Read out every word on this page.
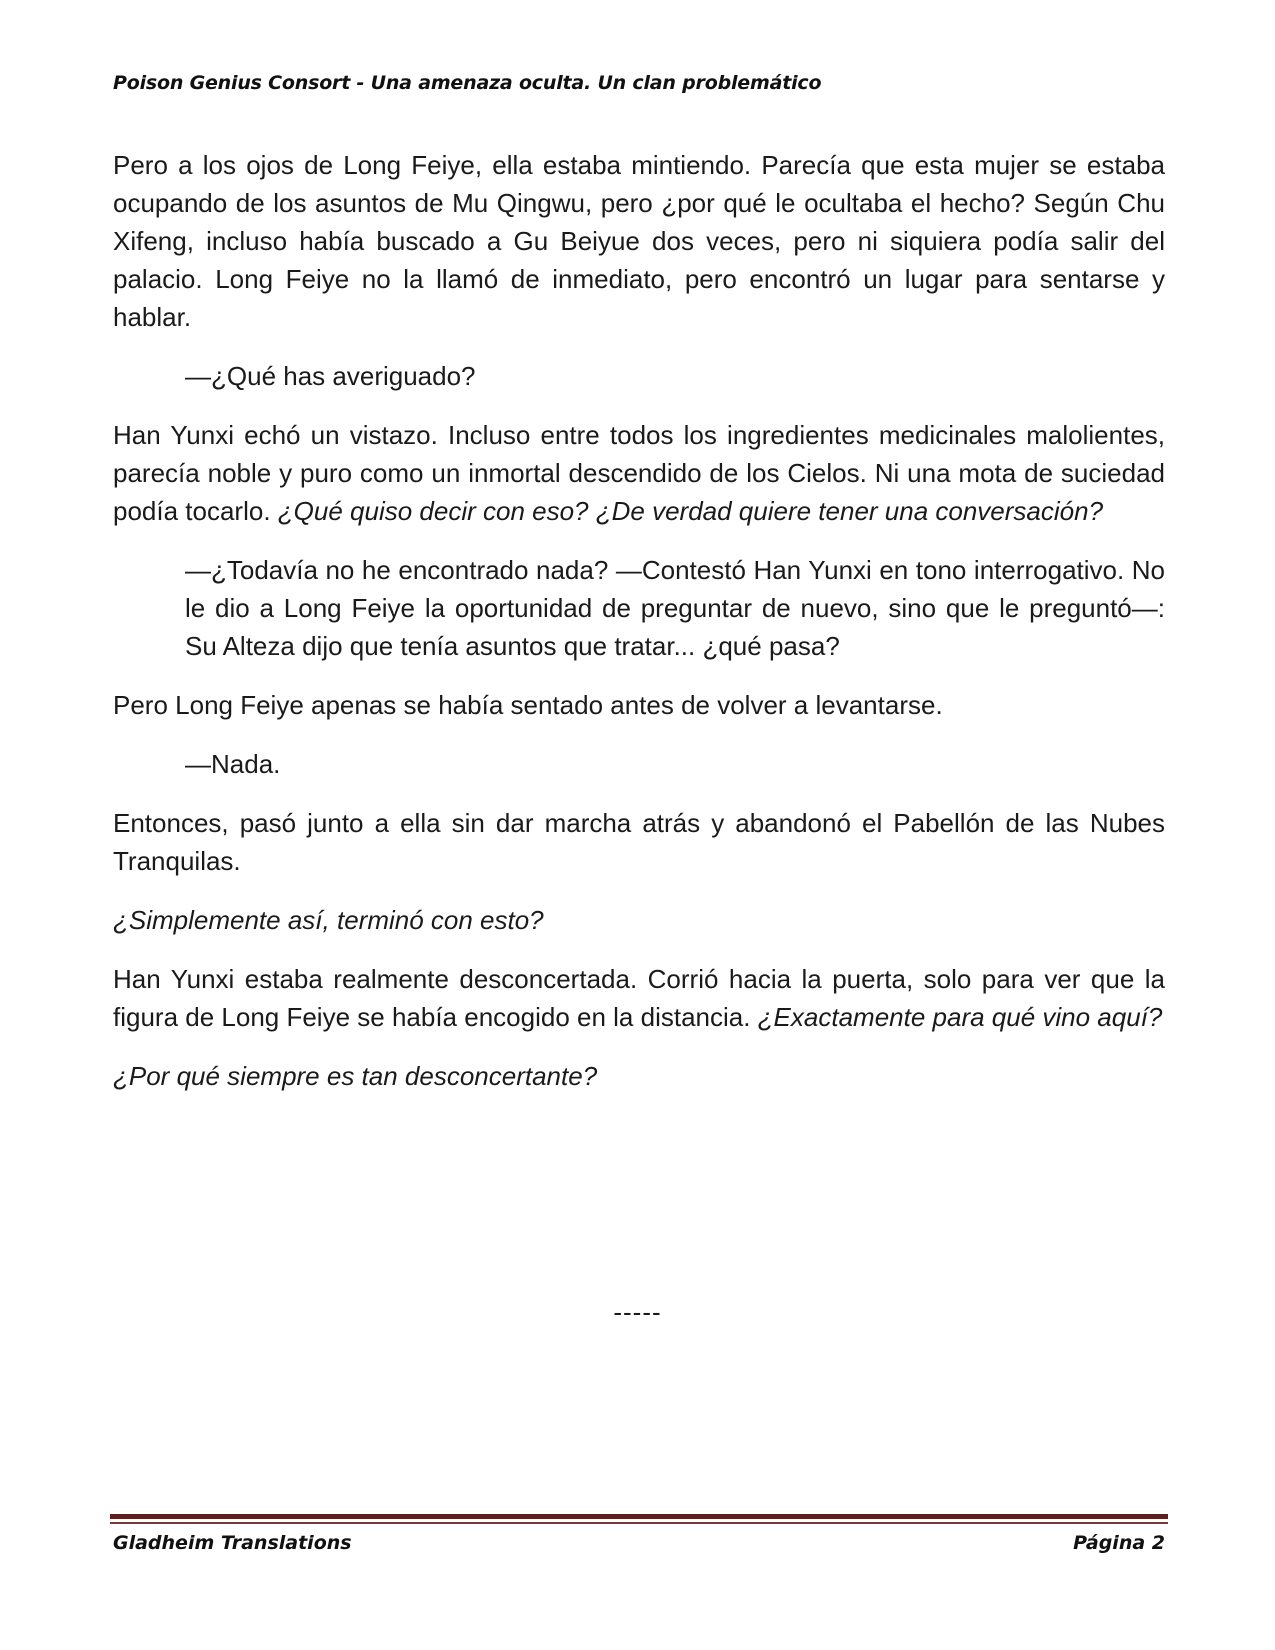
Poison Genius Consort - Una amenaza oculta. Un clan problemático

Pero a los ojos de Long Feiye, ella estaba mintiendo. Parecía que esta mujer se estaba ocupando de los asuntos de Mu Qingwu, pero ¿por qué le ocultaba el hecho? Según Chu Xifeng, incluso había buscado a Gu Beiyue dos veces, pero ni siquiera podía salir del palacio. Long Feiye no la llamó de inmediato, pero encontró un lugar para sentarse y hablar.

—¿Qué has averiguado?

Han Yunxi echó un vistazo. Incluso entre todos los ingredientes medicinales malolientes, parecía noble y puro como un inmortal descendido de los Cielos. Ni una mota de suciedad podía tocarlo. ¿Qué quiso decir con eso? ¿De verdad quiere tener una conversación?

—¿Todavía no he encontrado nada? —Contestó Han Yunxi en tono interrogativo. No le dio a Long Feiye la oportunidad de preguntar de nuevo, sino que le preguntó—: Su Alteza dijo que tenía asuntos que tratar... ¿qué pasa?

Pero Long Feiye apenas se había sentado antes de volver a levantarse.

—Nada.

Entonces, pasó junto a ella sin dar marcha atrás y abandonó el Pabellón de las Nubes Tranquilas.

¿Simplemente así, terminó con esto?

Han Yunxi estaba realmente desconcertada. Corrió hacia la puerta, solo para ver que la figura de Long Feiye se había encogido en la distancia. ¿Exactamente para qué vino aquí?

¿Por qué siempre es tan desconcertante?

-----
Gladheim Translations	Página 2
